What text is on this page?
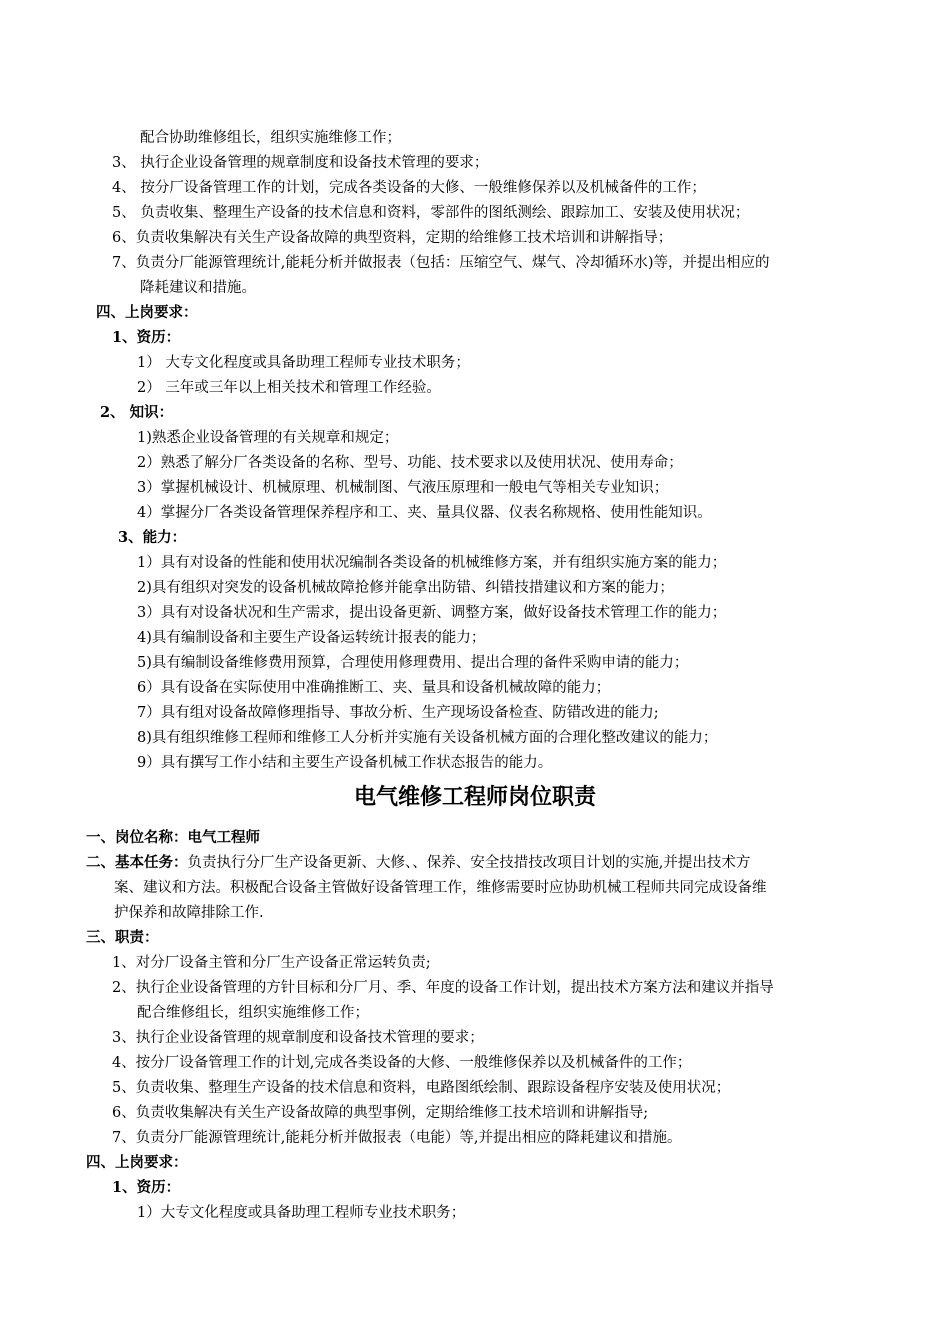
配合协助维修组长，组织实施维修工作；
3、 执行企业设备管理的规章制度和设备技术管理的要求；
4、 按分厂设备管理工作的计划，完成各类设备的大修、一般维修保养以及机械备件的工作；
5、 负责收集、整理生产设备的技术信息和资料，零部件的图纸测绘、跟踪加工、安装及使用状况；
6、负责收集解决有关生产设备故障的典型资料，定期的给维修工技术培训和讲解指导；
7、负责分厂能源管理统计,能耗分析并做报表（包括：压缩空气、煤气、冷却循环水)等，并提出相应的
降耗建议和措施。
四、上岗要求：
1、资历：
1） 大专文化程度或具备助理工程师专业技术职务；
2） 三年或三年以上相关技术和管理工作经验。
2、 知识：
1)熟悉企业设备管理的有关规章和规定；
2）熟悉了解分厂各类设备的名称、型号、功能、技术要求以及使用状况、使用寿命；
3）掌握机械设计、机械原理、机械制图、气液压原理和一般电气等相关专业知识；
4）掌握分厂各类设备管理保养程序和工、夹、量具仪器、仪表名称规格、使用性能知识。
3、能力：
1）具有对设备的性能和使用状况编制各类设备的机械维修方案，并有组织实施方案的能力；
2)具有组织对突发的设备机械故障抢修并能拿出防错、纠错技措建议和方案的能力；
3）具有对设备状况和生产需求，提出设备更新、调整方案，做好设备技术管理工作的能力；
4)具有编制设备和主要生产设备运转统计报表的能力；
5)具有编制设备维修费用预算，合理使用修理费用、提出合理的备件采购申请的能力；
6）具有设备在实际使用中准确推断工、夹、量具和设备机械故障的能力；
7）具有组对设备故障修理指导、事故分析、生产现场设备检查、防错改进的能力;
8)具有组织维修工程师和维修工人分析并实施有关设备机械方面的合理化整改建议的能力；
9）具有撰写工作小结和主要生产设备机械工作状态报告的能力。
电气维修工程师岗位职责
一、岗位名称：电气工程师
二、基本任务：负责执行分厂生产设备更新、大修、、保养、安全技措技改项目计划的实施,并提出技术方
案、建议和方法。积极配合设备主管做好设备管理工作，维修需要时应协助机械工程师共同完成设备维
护保养和故障排除工作.
三、职责：
1、对分厂设备主管和分厂生产设备正常运转负责;
2、执行企业设备管理的方针目标和分厂月、季、年度的设备工作计划，提出技术方案方法和建议并指导
配合维修组长，组织实施维修工作；
3、执行企业设备管理的规章制度和设备技术管理的要求；
4、按分厂设备管理工作的计划,完成各类设备的大修、一般维修保养以及机械备件的工作；
5、负责收集、整理生产设备的技术信息和资料，电路图纸绘制、跟踪设备程序安装及使用状况；
6、负责收集解决有关生产设备故障的典型事例，定期给维修工技术培训和讲解指导;
7、负责分厂能源管理统计,能耗分析并做报表（电能）等,并提出相应的降耗建议和措施。
四、上岗要求：
1、资历：
1）大专文化程度或具备助理工程师专业技术职务；
